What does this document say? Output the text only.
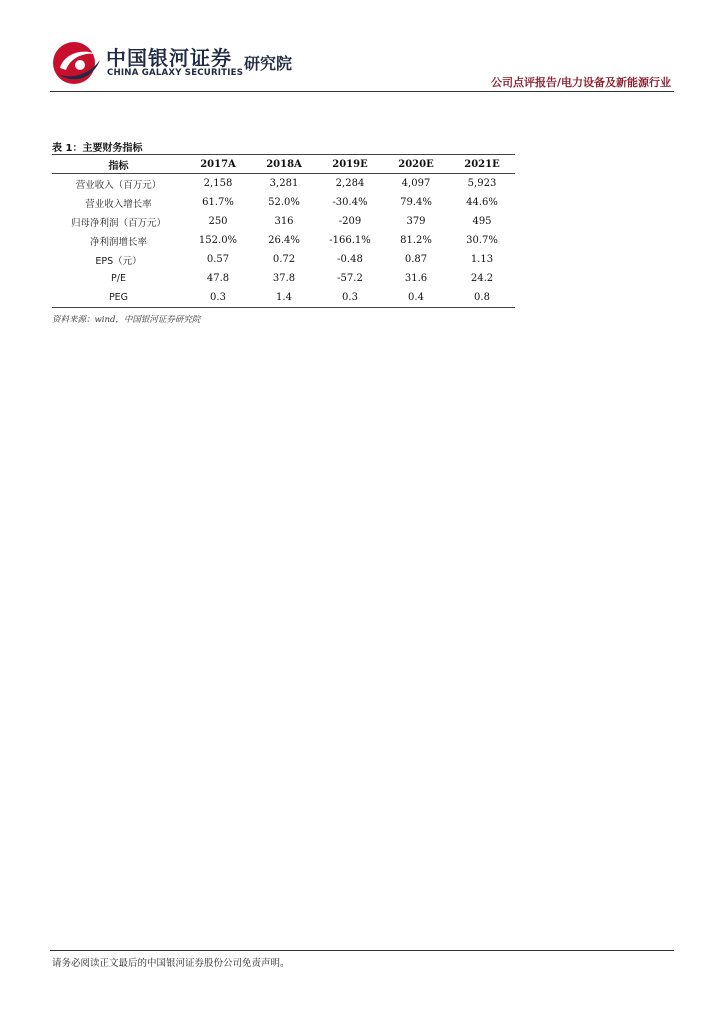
中国银河证券
CHINA GALAXY SECURITIES 研究院
公司点评报告/电力设备及新能源行业
表 1：主要财务指标
指标	2017A	2018A	2019E	2020E	2021E
营业收入（百万元）	2,158	3,281	2,284	4,097	5,923
营业收入增长率	61.7%	52.0%	-30.4%	79.4%	44.6%
归母净利润（百万元）	250	316	-209	379	495
净利润增长率	152.0%	26.4%	-166.1%	81.2%	30.7%
EPS（元）	0.57	0.72	-0.48	0.87	1.13
P/E	47.8	37.8	-57.2	31.6	24.2
PEG	0.3	1.4	0.3	0.4	0.8
资料来源：wind，中国银河证券研究院
请务必阅读正文最后的中国银河证券股份公司免责声明。
